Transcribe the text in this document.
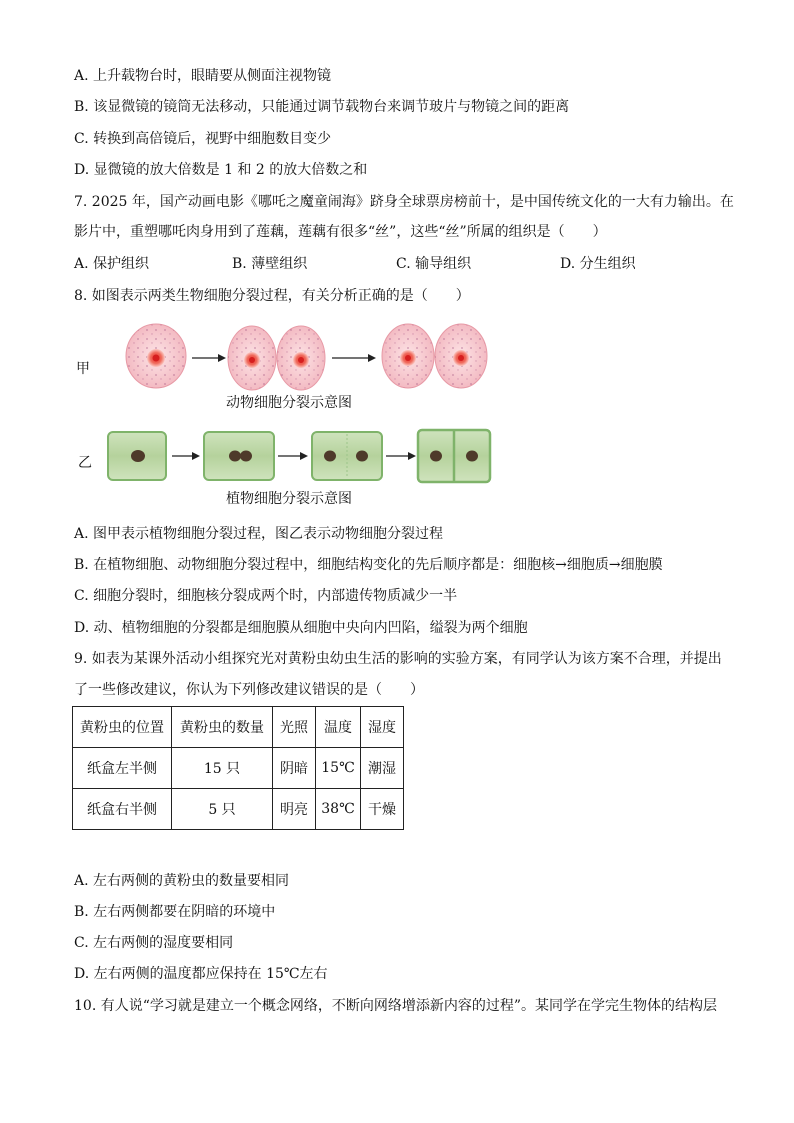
A. 上升载物台时，眼睛要从侧面注视物镜
B. 该显微镜的镜筒无法移动，只能通过调节载物台来调节玻片与物镜之间的距离
C. 转换到高倍镜后，视野中细胞数目变少
D. 显微镜的放大倍数是 1 和 2 的放大倍数之和
7. 2025 年，国产动画电影《哪吒之魔童闹海》跻身全球票房榜前十，是中国传统文化的一大有力输出。在
影片中，重塑哪吒肉身用到了莲藕，莲藕有很多“丝”，这些“丝”所属的组织是（　　）
A. 保护组织	B. 薄壁组织	C. 输导组织	D. 分生组织
8. 如图表示两类生物细胞分裂过程，有关分析正确的是（　　）
甲
动物细胞分裂示意图
乙
植物细胞分裂示意图
A. 图甲表示植物细胞分裂过程，图乙表示动物细胞分裂过程
B. 在植物细胞、动物细胞分裂过程中，细胞结构变化的先后顺序都是：细胞核→细胞质→细胞膜
C. 细胞分裂时，细胞核分裂成两个时，内部遗传物质减少一半
D. 动、植物细胞的分裂都是细胞膜从细胞中央向内凹陷，缢裂为两个细胞
9. 如表为某课外活动小组探究光对黄粉虫幼虫生活的影响的实验方案，有同学认为该方案不合理，并提出
了一些修改建议，你认为下列修改建议错误的是（　　）
黄粉虫的位置	黄粉虫的数量	光照	温度	湿度
纸盒左半侧	15 只	阴暗	15℃	潮湿
纸盒右半侧	5 只	明亮	38℃	干燥
A. 左右两侧的黄粉虫的数量要相同
B. 左右两侧都要在阴暗的环境中
C. 左右两侧的湿度要相同
D. 左右两侧的温度都应保持在 15℃左右
10. 有人说“学习就是建立一个概念网络，不断向网络增添新内容的过程”。某同学在学完生物体的结构层
